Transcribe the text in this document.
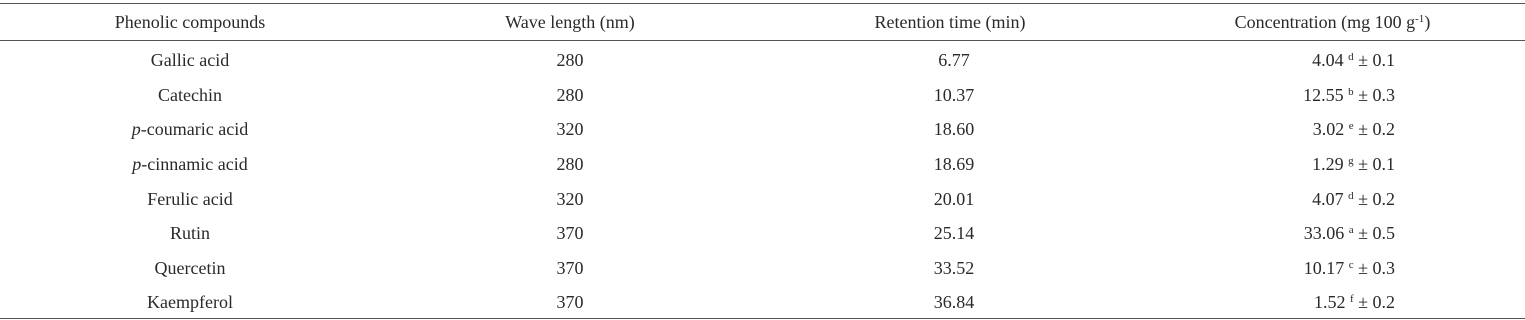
Phenolic compounds	Wave length (nm)	Retention time (min)	Concentration (mg 100 $g^{-1}$)
Gallic acid	280	6.77	4.04 $^d$ ± 0.1
Catechin	280	10.37	12.55 $^b$ ± 0.3
p-coumaric acid	320	18.60	3.02 $^e$ ± 0.2
p-cinnamic acid	280	18.69	1.29 $^g$ ± 0.1
Ferulic acid	320	20.01	4.07 $^d$ ± 0.2
Rutin	370	25.14	33.06 $^a$ ± 0.5
Quercetin	370	33.52	10.17 $^c$ ± 0.3
Kaempferol	370	36.84	1.52 $^f$ ± 0.2
